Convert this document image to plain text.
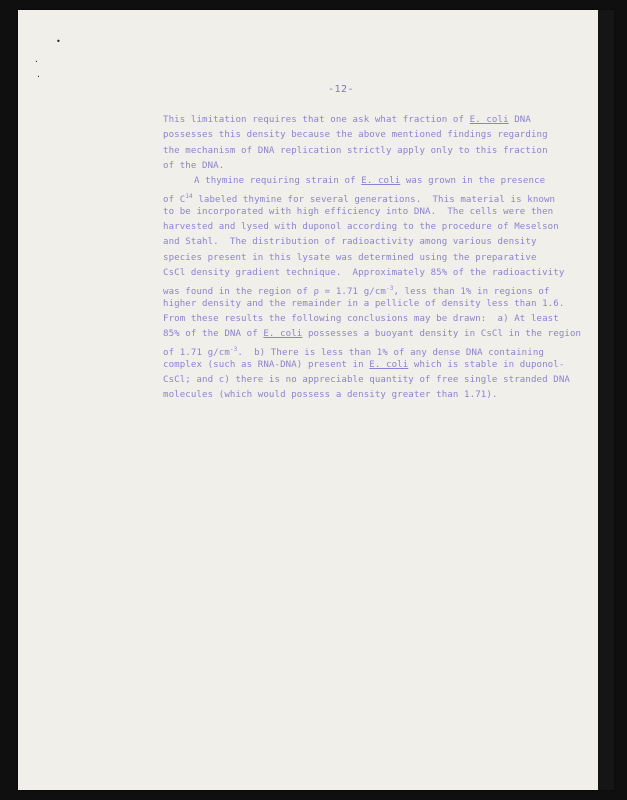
•
·
·
-12-
This limitation requires that one ask what fraction of E. coli DNA
possesses this density because the above mentioned findings regarding
the mechanism of DNA replication strictly apply only to this fraction
of the DNA.
A thymine requiring strain of E. coli was grown in the presence
of $C^{14}$ labeled thymine for several generations.  This material is known
to be incorporated with high efficiency into DNA.  The cells were then
harvested and lysed with duponol according to the procedure of Meselson
and Stahl.  The distribution of radioactivity among various density
species present in this lysate was determined using the preparative
CsCl density gradient technique.  Approximately 85% of the radioactivity
was found in the region of ρ = 1.71 $g/cm^{-3}$, less than 1% in regions of
higher density and the remainder in a pellicle of density less than 1.6.
From these results the following conclusions may be drawn:  a) At least
85% of the DNA of E. coli possesses a buoyant density in CsCl in the region
of 1.71 $g/cm^{-3}$.  b) There is less than 1% of any dense DNA containing
complex (such as RNA-DNA) present in E. coli which is stable in duponol-
CsCl; and c) there is no appreciable quantity of free single stranded DNA
molecules (which would possess a density greater than 1.71).
